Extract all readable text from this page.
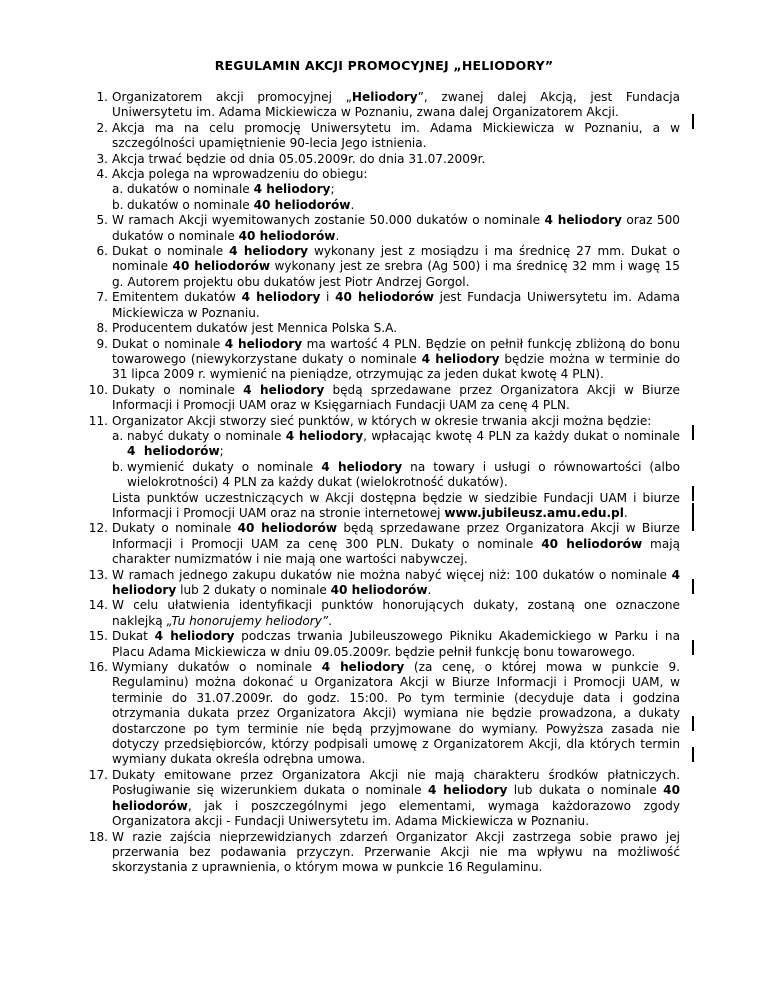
REGULAMIN AKCJI PROMOCYJNEJ „HELIODORY”
1. Organizatorem akcji promocyjnej „Heliodory”, zwanej dalej Akcją, jest Fundacja Uniwersytetu im. Adama Mickiewicza w Poznaniu, zwana dalej Organizatorem Akcji.
2. Akcja ma na celu promocję Uniwersytetu im. Adama Mickiewicza w Poznaniu, a w szczególności upamiętnienie 90-lecia Jego istnienia.
3. Akcja trwać będzie od dnia 05.05.2009r. do dnia 31.07.2009r.
4. Akcja polega na wprowadzeniu do obiegu:
a. dukatów o nominale 4 heliodory;
b. dukatów o nominale 40 heliodorów.
5. W ramach Akcji wyemitowanych zostanie 50.000 dukatów o nominale 4 heliodory oraz 500 dukatów o nominale 40 heliodorów.
6. Dukat o nominale 4 heliodory wykonany jest z mosiądzu i ma średnicę 27 mm. Dukat o nominale 40 heliodorów wykonany jest ze srebra (Ag 500) i ma średnicę 32 mm i wagę 15 g. Autorem projektu obu dukatów jest Piotr Andrzej Gorgol.
7. Emitentem dukatów 4 heliodory i 40 heliodorów jest Fundacja Uniwersytetu im. Adama Mickiewicza w Poznaniu.
8. Producentem dukatów jest Mennica Polska S.A.
9. Dukat o nominale 4 heliodory ma wartość 4 PLN. Będzie on pełnił funkcję zbliżoną do bonu towarowego (niewykorzystane dukaty o nominale 4 heliodory będzie można w terminie do 31 lipca 2009 r. wymienić na pieniądze, otrzymując za jeden dukat kwotę 4 PLN).
10. Dukaty o nominale 4 heliodory będą sprzedawane przez Organizatora Akcji w Biurze Informacji i Promocji UAM oraz w Księgarniach Fundacji UAM za cenę 4 PLN.
11. Organizator Akcji stworzy sieć punktów, w których w okresie trwania akcji można będzie:
a. nabyć dukaty o nominale 4 heliodory, wpłacając kwotę 4 PLN za każdy dukat o nominale 4  heliodorów;
b. wymienić dukaty o nominale 4 heliodory na towary i usługi o równowartości (albo wielokrotności) 4 PLN za każdy dukat (wielokrotność dukatów).
Lista punktów uczestniczących w Akcji dostępna będzie w siedzibie Fundacji UAM i biurze Informacji i Promocji UAM oraz na stronie internetowej www.jubileusz.amu.edu.pl.
12. Dukaty o nominale 40 heliodorów będą sprzedawane przez Organizatora Akcji w Biurze Informacji i Promocji UAM za cenę 300 PLN. Dukaty o nominale 40 heliodorów mają charakter numizmatów i nie mają one wartości nabywczej.
13. W ramach jednego zakupu dukatów nie można nabyć więcej niż: 100 dukatów o nominale 4 heliodory lub 2 dukaty o nominale 40 heliodorów.
14. W celu ułatwienia identyfikacji punktów honorujących dukaty, zostaną one oznaczone naklejką „Tu honorujemy heliodory”.
15. Dukat 4 heliodory podczas trwania Jubileuszowego Pikniku Akademickiego w Parku i na Placu Adama Mickiewicza w dniu 09.05.2009r. będzie pełnił funkcję bonu towarowego.
16. Wymiany dukatów o nominale 4 heliodory (za cenę, o której mowa w punkcie 9. Regulaminu) można dokonać u Organizatora Akcji w Biurze Informacji i Promocji UAM, w terminie do 31.07.2009r. do godz. 15:00. Po tym terminie (decyduje data i godzina otrzymania dukata przez Organizatora Akcji) wymiana nie będzie prowadzona, a dukaty dostarczone po tym terminie nie będą przyjmowane do wymiany. Powyższa zasada nie dotyczy przedsiębiorców, którzy podpisali umowę z Organizatorem Akcji, dla których termin wymiany dukata określa odrębna umowa.
17. Dukaty emitowane przez Organizatora Akcji nie mają charakteru środków płatniczych. Posługiwanie się wizerunkiem dukata o nominale 4 heliodory lub dukata o nominale 40 heliodorów, jak i poszczególnymi jego elementami, wymaga każdorazowo zgody Organizatora akcji - Fundacji Uniwersytetu im. Adama Mickiewicza w Poznaniu.
18. W razie zajścia nieprzewidzianych zdarzeń Organizator Akcji zastrzega sobie prawo jej przerwania bez podawania przyczyn. Przerwanie Akcji nie ma wpływu na możliwość skorzystania z uprawnienia, o którym mowa w punkcie 16 Regulaminu.
